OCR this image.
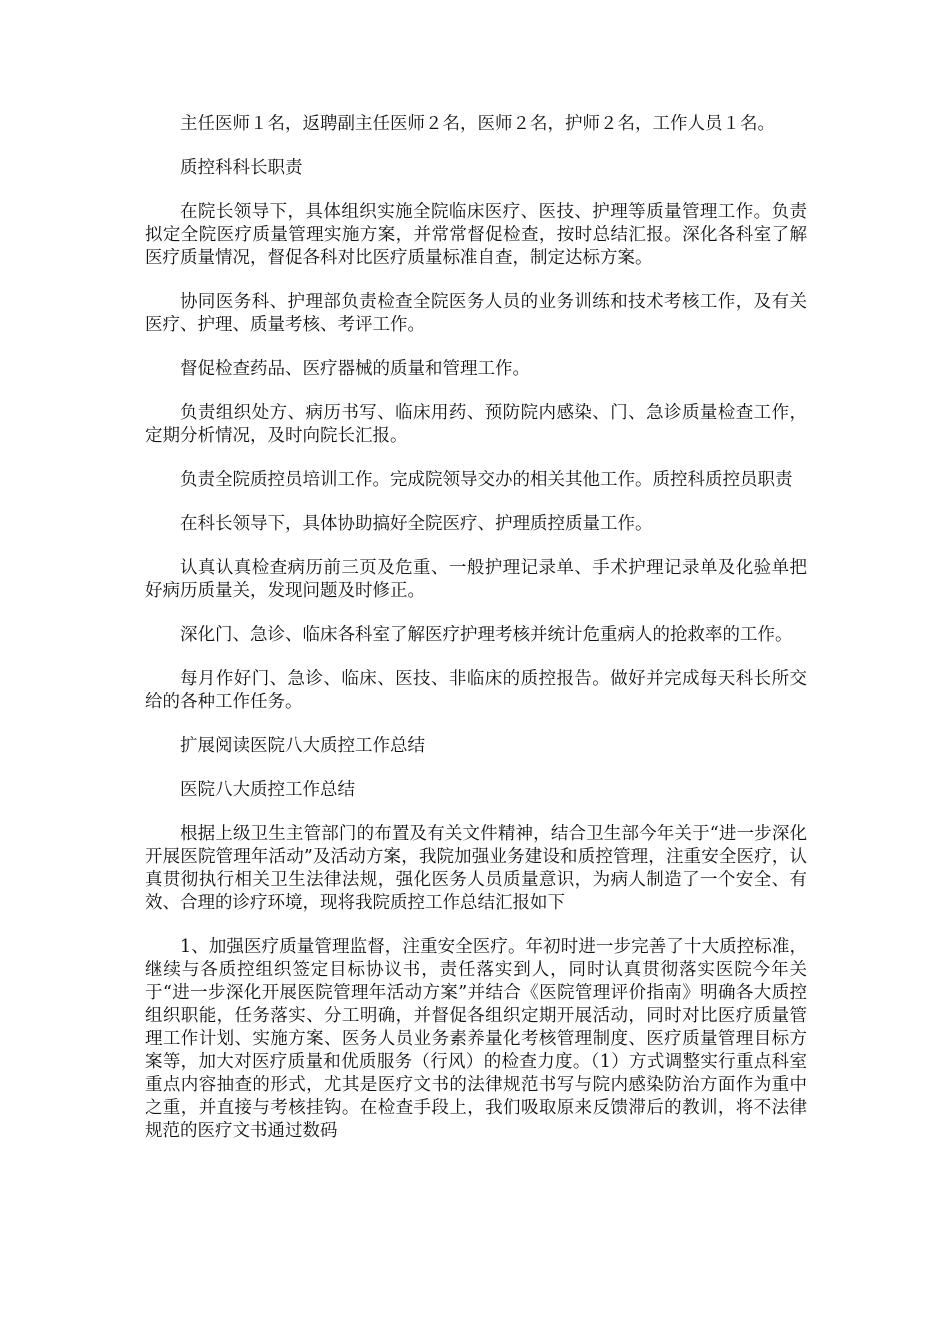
主任医师１名，返聘副主任医师２名，医师２名，护师２名，工作人员１名。

质控科科长职责

在院长领导下，具体组织实施全院临床医疗、医技、护理等质量管理工作。负责拟定全院医疗质量管理实施方案，并常常督促检查，按时总结汇报。深化各科室了解医疗质量情况，督促各科对比医疗质量标准自查，制定达标方案。

协同医务科、护理部负责检查全院医务人员的业务训练和技术考核工作，及有关医疗、护理、质量考核、考评工作。

督促检查药品、医疗器械的质量和管理工作。

负责组织处方、病历书写、临床用药、预防院内感染、门、急诊质量检查工作，定期分析情况，及时向院长汇报。

负责全院质控员培训工作。完成院领导交办的相关其他工作。质控科质控员职责

在科长领导下，具体协助搞好全院医疗、护理质控质量工作。

认真认真检查病历前三页及危重、一般护理记录单、手术护理记录单及化验单把好病历质量关，发现问题及时修正。

深化门、急诊、临床各科室了解医疗护理考核并统计危重病人的抢救率的工作。

每月作好门、急诊、临床、医技、非临床的质控报告。做好并完成每天科长所交给的各种工作任务。

扩展阅读医院八大质控工作总结

医院八大质控工作总结

根据上级卫生主管部门的布置及有关文件精神，结合卫生部今年关于“进一步深化开展医院管理年活动”及活动方案，我院加强业务建设和质控管理，注重安全医疗，认真贯彻执行相关卫生法律法规，强化医务人员质量意识，为病人制造了一个安全、有效、合理的诊疗环境，现将我院质控工作总结汇报如下

1、加强医疗质量管理监督，注重安全医疗。年初时进一步完善了十大质控标准，继续与各质控组织签定目标协议书，责任落实到人，同时认真贯彻落实医院今年关于“进一步深化开展医院管理年活动方案”并结合《医院管理评价指南》明确各大质控组织职能，任务落实、分工明确，并督促各组织定期开展活动，同时对比医疗质量管理工作计划、实施方案、医务人员业务素养量化考核管理制度、医疗质量管理目标方案等，加大对医疗质量和优质服务（行风）的检查力度。（1）方式调整实行重点科室重点内容抽查的形式，尤其是医疗文书的法律规范书写与院内感染防治方面作为重中之重，并直接与考核挂钩。在检查手段上，我们吸取原来反馈滞后的教训，将不法律规范的医疗文书通过数码
